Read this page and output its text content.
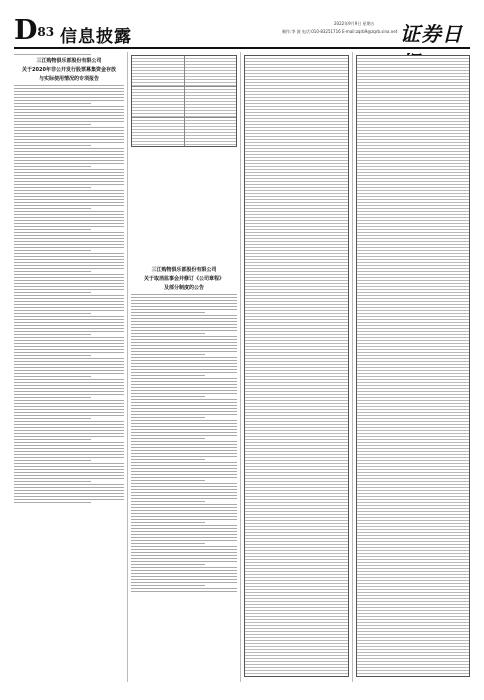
D83 信息披露
2022年9月9日 星期五
制作:李 波 电话:010-83251716 E-mail:zqrb9@zqrb.sina.net 证券日
三江购物俱乐部股份有限公司
关于2020年非公开发行股票募集资金存放
与实际使用情况的专项报告
三江购物俱乐部股份有限公司
关于取消监事会并修订《公司章程》
及部分制度的公告
